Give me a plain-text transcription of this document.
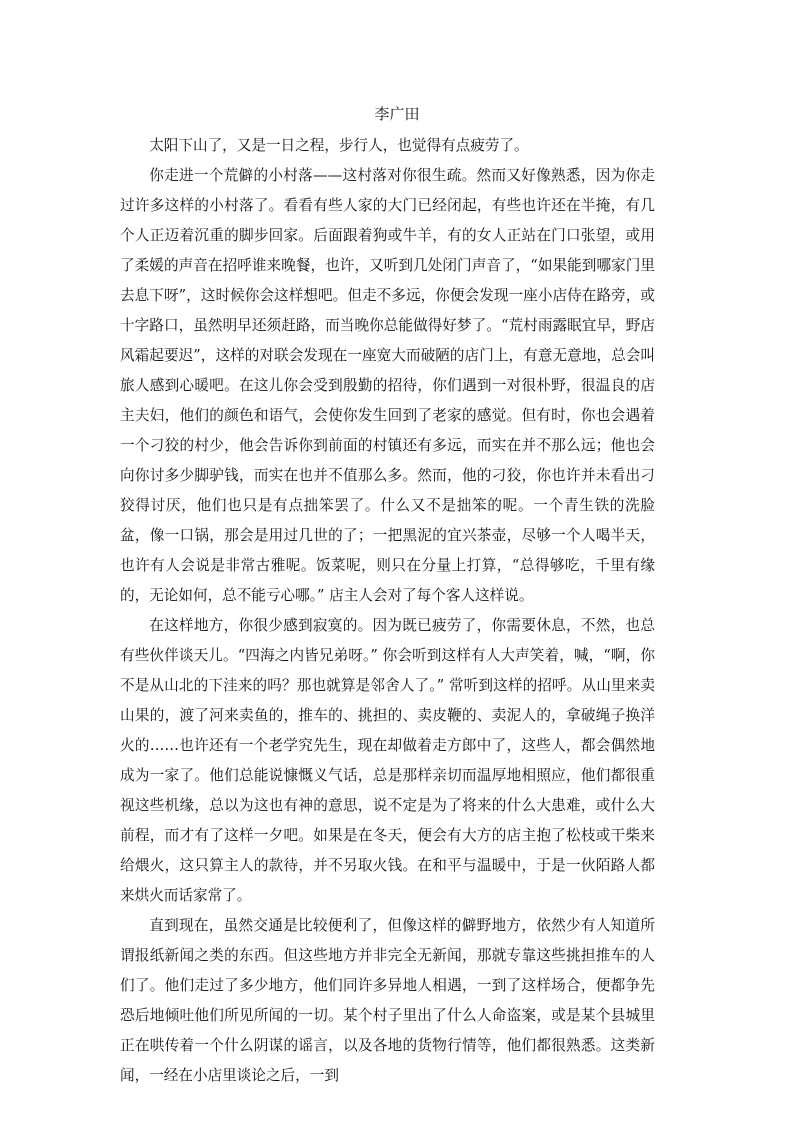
李广田

太阳下山了，又是一日之程，步行人，也觉得有点疲劳了。

你走进一个荒僻的小村落——这村落对你很生疏。然而又好像熟悉，因为你走过许多这样的小村落了。看看有些人家的大门已经闭起，有些也许还在半掩，有几个人正迈着沉重的脚步回家。后面跟着狗或牛羊，有的女人正站在门口张望，或用了柔媛的声音在招呼谁来晚餐，也许，又听到几处闭门声音了，“如果能到哪家门里去息下呀”，这时候你会这样想吧。但走不多远，你便会发现一座小店侍在路旁，或十字路口，虽然明早还须赶路，而当晚你总能做得好梦了。“荒村雨露眠宜早，野店风霜起要迟”，这样的对联会发现在一座宽大而破陋的店门上，有意无意地，总会叫旅人感到心暖吧。在这儿你会受到殷勤的招待，你们遇到一对很朴野，很温良的店主夫妇，他们的颜色和语气，会使你发生回到了老家的感觉。但有时，你也会遇着一个刁狡的村少，他会告诉你到前面的村镇还有多远，而实在并不那么远；他也会向你讨多少脚驴钱，而实在也并不值那么多。然而，他的刁狡，你也许并未看出刁狡得讨厌，他们也只是有点拙笨罢了。什么又不是拙笨的呢。一个青生铁的洗脸盆，像一口锅，那会是用过几世的了；一把黑泥的宜兴茶壶，尽够一个人喝半天，也许有人会说是非常古雅呢。饭菜呢，则只在分量上打算，“总得够吃，千里有缘的，无论如何，总不能亏心哪。” 店主人会对了每个客人这样说。

在这样地方，你很少感到寂寞的。因为既已疲劳了，你需要休息，不然，也总有些伙伴谈天儿。“四海之内皆兄弟呀。” 你会听到这样有人大声笑着，喊，“啊，你不是从山北的下洼来的吗？那也就算是邻舍人了。” 常听到这样的招呼。从山里来卖山果的，渡了河来卖鱼的，推车的、挑担的、卖皮鞭的、卖泥人的，拿破绳子换洋火的……也许还有一个老学究先生，现在却做着走方郎中了，这些人，都会偶然地成为一家了。他们总能说慷慨义气话，总是那样亲切而温厚地相照应，他们都很重视这些机缘，总以为这也有神的意思，说不定是为了将来的什么大患难，或什么大前程，而才有了这样一夕吧。如果是在冬天，便会有大方的店主抱了松枝或干柴来给煨火，这只算主人的款待，并不另取火钱。在和平与温暖中，于是一伙陌路人都来烘火而话家常了。

直到现在，虽然交通是比较便利了，但像这样的僻野地方，依然少有人知道所谓报纸新闻之类的东西。但这些地方并非完全无新闻，那就专靠这些挑担推车的人们了。他们走过了多少地方，他们同许多异地人相遇，一到了这样场合，便都争先恐后地倾吐他们所见所闻的一切。某个村子里出了什么人命盗案，或是某个县城里正在哄传着一个什么阴谋的谣言，以及各地的货物行情等，他们都很熟悉。这类新闻，一经在小店里谈论之后，一到
